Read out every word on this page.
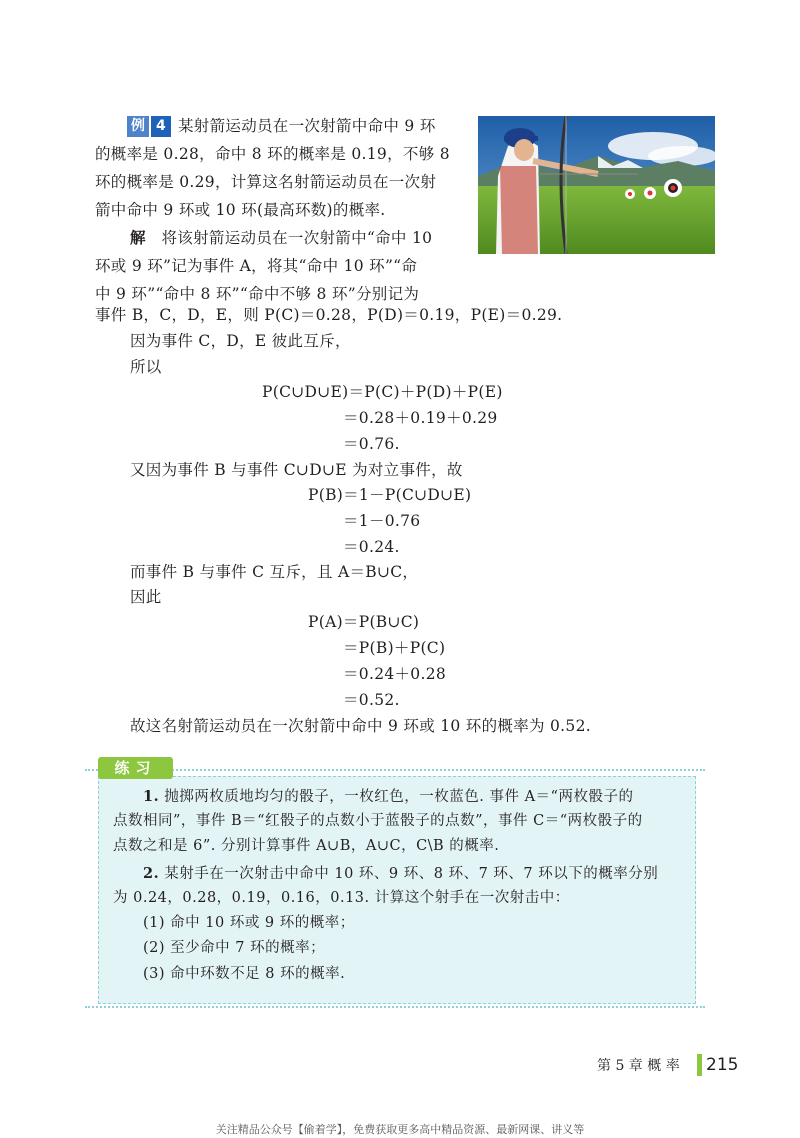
例 4 某射箭运动员在一次射箭中命中 9 环
的概率是 0.28，命中 8 环的概率是 0.19，不够 8
环的概率是 0.29，计算这名射箭运动员在一次射
箭中命中 9 环或 10 环(最高环数)的概率.
解 将该射箭运动员在一次射箭中“命中 10
环或 9 环”记为事件 A，将其“命中 10 环”“命
中 9 环”“命中 8 环”“命中不够 8 环”分别记为
事件 B，C，D，E，则 P(C)＝0.28，P(D)＝0.19，P(E)＝0.29.
因为事件 C，D，E 彼此互斥，
所以
P(C∪D∪E)＝P(C)＋P(D)＋P(E)
＝0.28＋0.19＋0.29
＝0.76.
又因为事件 B 与事件 C∪D∪E 为对立事件，故
P(B)＝1－P(C∪D∪E)
＝1－0.76
＝0.24.
而事件 B 与事件 C 互斥，且 A＝B∪C，
因此
P(A)＝P(B∪C)
＝P(B)＋P(C)
＝0.24＋0.28
＝0.52.
故这名射箭运动员在一次射箭中命中 9 环或 10 环的概率为 0.52.
练习
1. 抛掷两枚质地均匀的骰子，一枚红色，一枚蓝色. 事件 A＝“两枚骰子的
点数相同”，事件 B＝“红骰子的点数小于蓝骰子的点数”，事件 C＝“两枚骰子的
点数之和是 6”. 分别计算事件 A∪B，A∪C，C\B 的概率.
2. 某射手在一次射击中命中 10 环、9 环、8 环、7 环、7 环以下的概率分别
为 0.24，0.28，0.19，0.16，0.13. 计算这个射手在一次射击中：
(1) 命中 10 环或 9 环的概率；
(2) 至少命中 7 环的概率；
(3) 命中环数不足 8 环的概率.
第 5 章 概 率 215
关注精品公众号【偷着学】，免费获取更多高中精品资源、最新网课、讲义等
